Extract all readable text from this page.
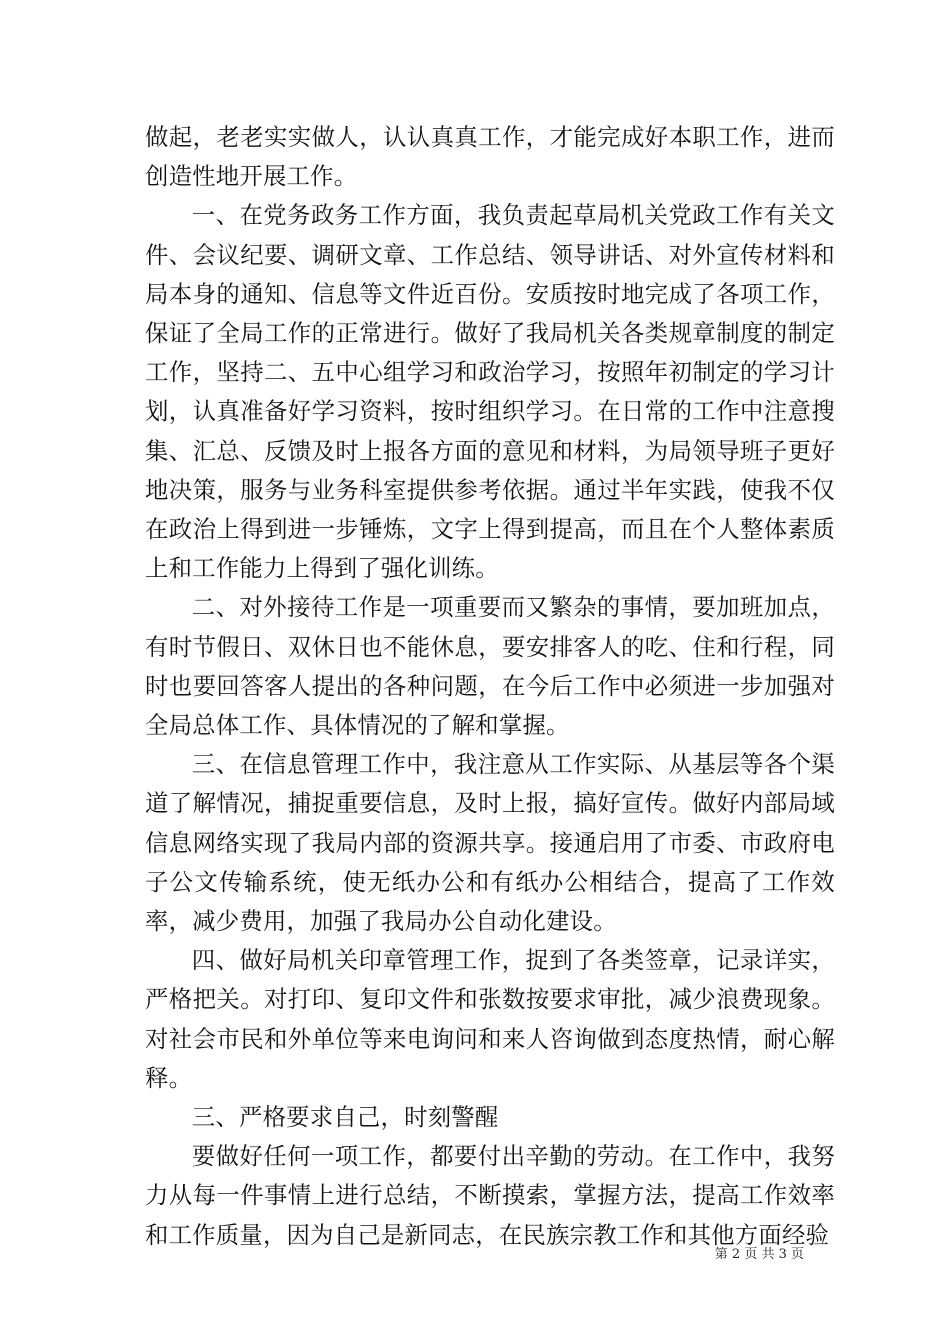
做起，老老实实做人，认认真真工作，才能完成好本职工作，进而创造性地开展工作。

一、在党务政务工作方面，我负责起草局机关党政工作有关文件、会议纪要、调研文章、工作总结、领导讲话、对外宣传材料和局本身的通知、信息等文件近百份。安质按时地完成了各项工作，保证了全局工作的正常进行。做好了我局机关各类规章制度的制定工作，坚持二、五中心组学习和政治学习，按照年初制定的学习计划，认真准备好学习资料，按时组织学习。在日常的工作中注意搜集、汇总、反馈及时上报各方面的意见和材料，为局领导班子更好地决策，服务与业务科室提供参考依据。通过半年实践，使我不仅在政治上得到进一步锤炼，文字上得到提高，而且在个人整体素质上和工作能力上得到了强化训练。

二、对外接待工作是一项重要而又繁杂的事情，要加班加点，有时节假日、双休日也不能休息，要安排客人的吃、住和行程，同时也要回答客人提出的各种问题，在今后工作中必须进一步加强对全局总体工作、具体情况的了解和掌握。

三、在信息管理工作中，我注意从工作实际、从基层等各个渠道了解情况，捕捉重要信息，及时上报，搞好宣传。做好内部局域信息网络实现了我局内部的资源共享。接通启用了市委、市政府电子公文传输系统，使无纸办公和有纸办公相结合，提高了工作效率，减少费用，加强了我局办公自动化建设。

四、做好局机关印章管理工作，捉到了各类签章，记录详实，严格把关。对打印、复印文件和张数按要求审批，减少浪费现象。对社会市民和外单位等来电询问和来人咨询做到态度热情，耐心解释。

三、严格要求自己，时刻警醒

要做好任何一项工作，都要付出辛勤的劳动。在工作中，我努力从每一件事情上进行总结，不断摸索，掌握方法，提高工作效率和工作质量，因为自己是新同志，在民族宗教工作和其他方面经验

第 2 页 共 3 页
